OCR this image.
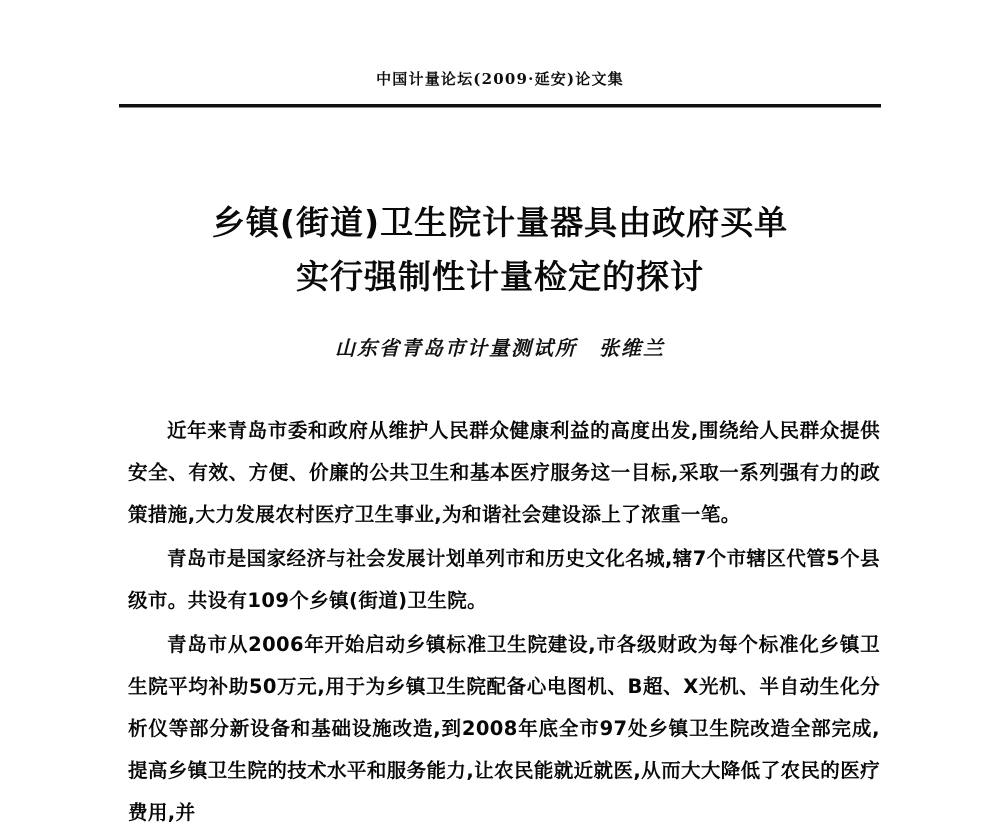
中国计量论坛(2009·延安)论文集
乡镇(街道)卫生院计量器具由政府买单
实行强制性计量检定的探讨
山东省青岛市计量测试所 张维兰

近年来青岛市委和政府从维护人民群众健康利益的高度出发,围绕给人民群众提供安全、有效、方便、价廉的公共卫生和基本医疗服务这一目标,采取一系列强有力的政策措施,大力发展农村医疗卫生事业,为和谐社会建设添上了浓重一笔。

青岛市是国家经济与社会发展计划单列市和历史文化名城,辖7个市辖区代管5个县级市。共设有109个乡镇(街道)卫生院。

青岛市从2006年开始启动乡镇标准卫生院建设,市各级财政为每个标准化乡镇卫生院平均补助50万元,用于为乡镇卫生院配备心电图机、B超、X光机、半自动生化分析仪等部分新设备和基础设施改造,到2008年底全市97处乡镇卫生院改造全部完成,提高乡镇卫生院的技术水平和服务能力,让农民能就近就医,从而大大降低了农民的医疗费用,并
